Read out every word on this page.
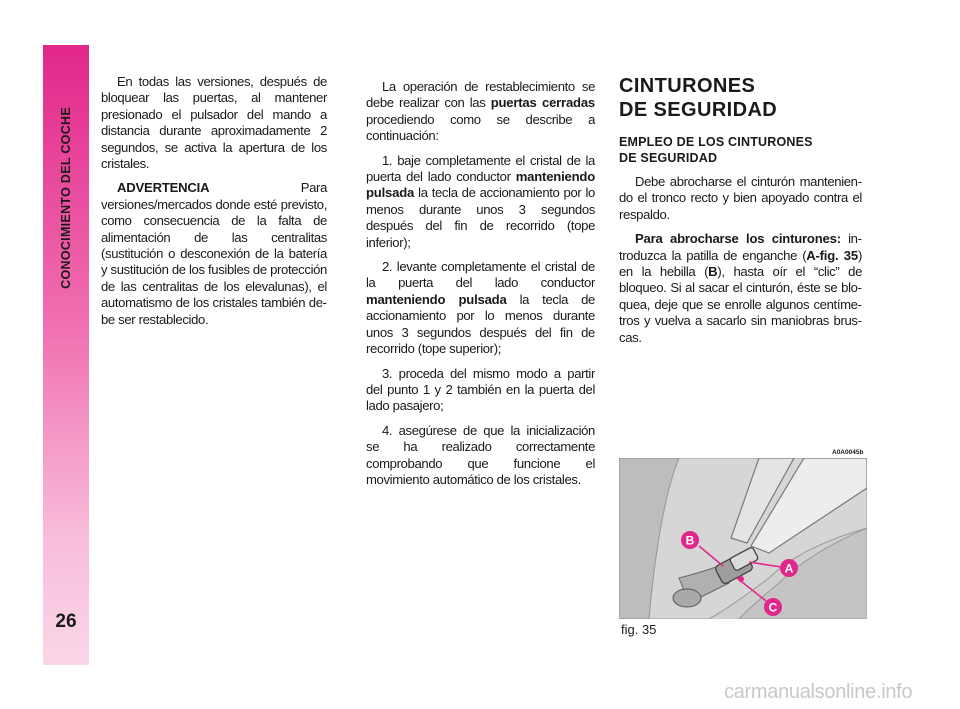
CONOCIMIENTO DEL COCHE
26

En todas las versiones, después de bloquear las puertas, al mantener presionado el pulsador del mando a distancia durante aproximadamente 2 segundos, se activa la apertura de los cristales.

ADVERTENCIA Para versiones/mercados donde esté previsto, como consecuencia de la falta de alimentación de las centralitas (sustitución o desconexión de la batería y sustitución de los fusibles de protección de las centralitas de los elevalunas), el automatismo de los cristales también debe ser restablecido.

La operación de restablecimiento se debe realizar con las puertas cerradas procediendo como se describe a continuación:

1. baje completamente el cristal de la puerta del lado conductor manteniendo pulsada la tecla de accionamiento por lo menos durante unos 3 segundos después del fin de recorrido (tope inferior);

2. levante completamente el cristal de la puerta del lado conductor manteniendo pulsada la tecla de accionamiento por lo menos durante unos 3 segundos después del fin de recorrido (tope superior);

3. proceda del mismo modo a partir del punto 1 y 2 también en la puerta del lado pasajero;

4. asegúrese de que la inicialización se ha realizado correctamente comprobando que funcione el movimiento automático de los cristales.

CINTURONES
DE SEGURIDAD
EMPLEO DE LOS CINTURONES
DE SEGURIDAD

Debe abrocharse el cinturón manteniendo el tronco recto y bien apoyado contra el respaldo.

Para abrocharse los cinturones: introduzca la patilla de enganche (A-fig. 35) en la hebilla (B), hasta oír el “clic” de bloqueo. Si al sacar el cinturón, éste se bloquea, deje que se enrolle algunos centímetros y vuelva a sacarlo sin maniobras bruscas.

A0A0045b
B
A
C
fig. 35
carmanualsonline.info
